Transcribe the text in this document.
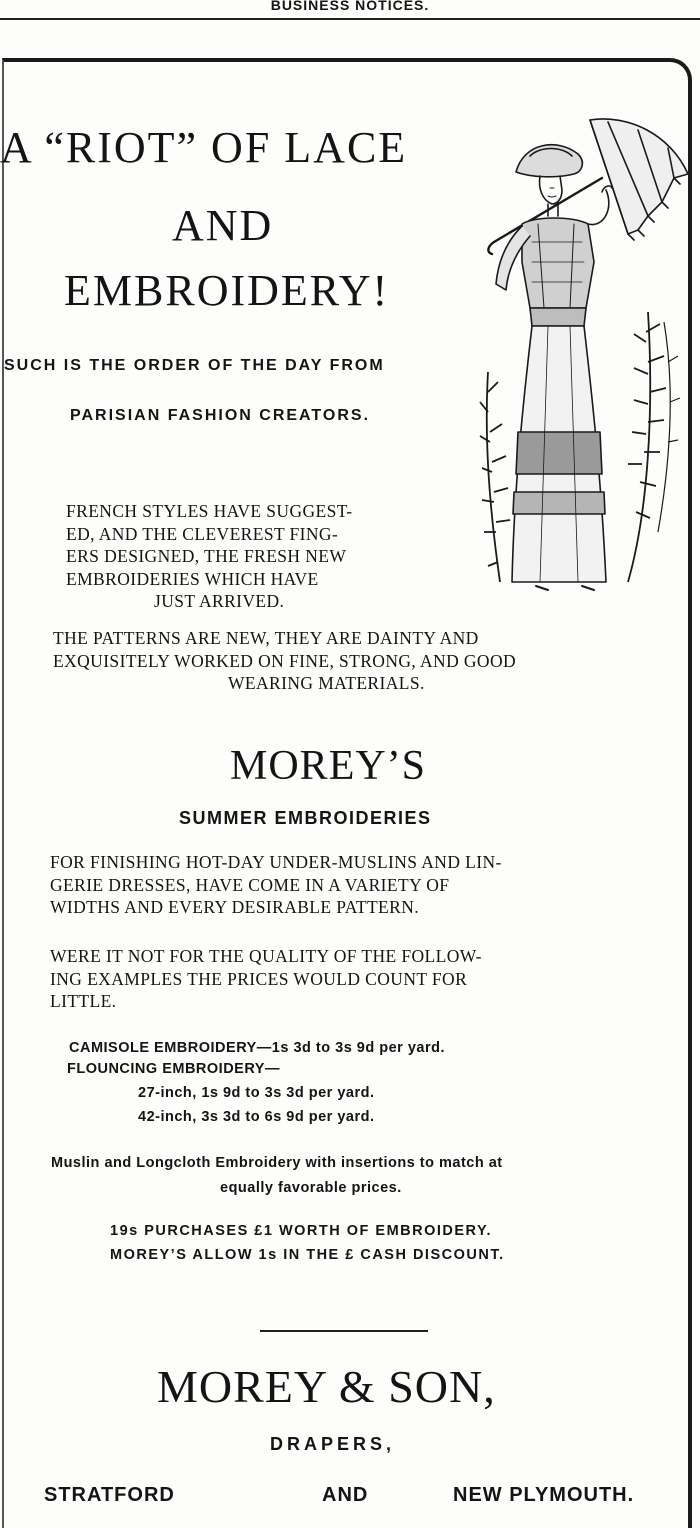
BUSINESS NOTICES.
A “RIOT” OF LACE
AND
EMBROIDERY!
SUCH IS THE ORDER OF THE DAY FROM
PARISIAN FASHION CREATORS.
FRENCH STYLES HAVE SUGGEST-
ED, AND THE CLEVEREST FING-
ERS DESIGNED, THE FRESH NEW
EMBROIDERIES WHICH HAVE
JUST ARRIVED.
THE PATTERNS ARE NEW, THEY ARE DAINTY AND
EXQUISITELY WORKED ON FINE, STRONG, AND GOOD
WEARING MATERIALS.
MOREY’S
SUMMER EMBROIDERIES
FOR FINISHING HOT-DAY UNDER-MUSLINS AND LIN-
GERIE DRESSES, HAVE COME IN A VARIETY OF
WIDTHS AND EVERY DESIRABLE PATTERN.
WERE IT NOT FOR THE QUALITY OF THE FOLLOW-
ING EXAMPLES THE PRICES WOULD COUNT FOR
LITTLE.
CAMISOLE EMBROIDERY—1s 3d to 3s 9d per yard.
FLOUNCING EMBROIDERY—
27-inch, 1s 9d to 3s 3d per yard.
42-inch, 3s 3d to 6s 9d per yard.
Muslin and Longcloth Embroidery with insertions to match at
equally favorable prices.
19s PURCHASES £1 WORTH OF EMBROIDERY.
MOREY’S ALLOW 1s IN THE £ CASH DISCOUNT.
MOREY & SON,
DRAPERS,
STRATFORD	AND	NEW PLYMOUTH.
